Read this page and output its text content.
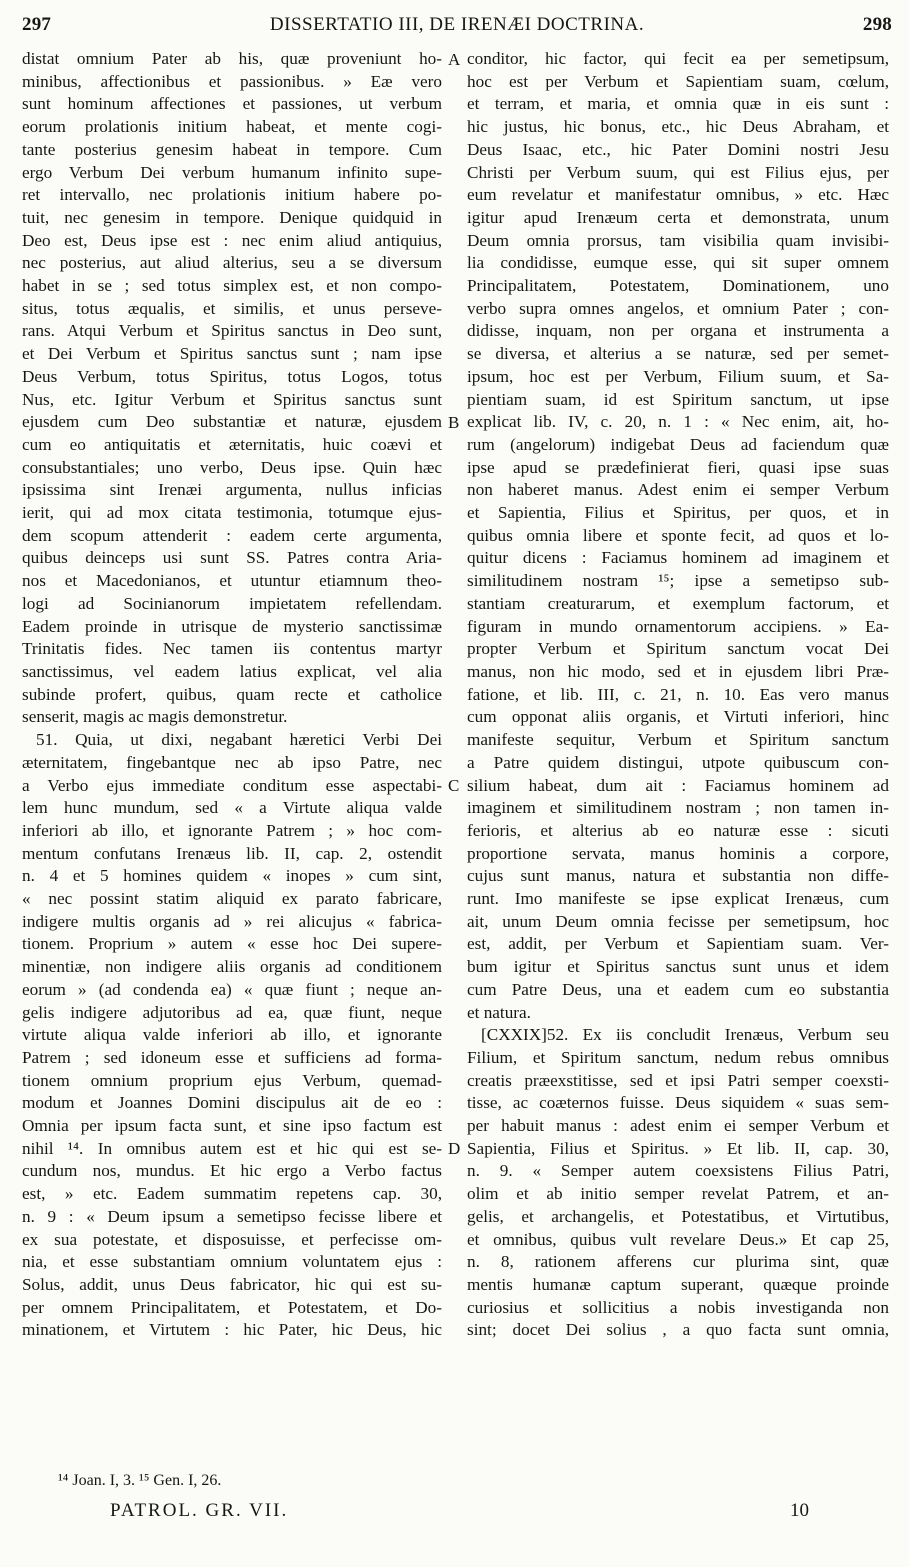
297	DISSERTATIO III, DE IRENÆI DOCTRINA.	298
distat omnium Pater ab his, quæ proveniunt ho-
minibus, affectionibus et passionibus. » Eæ vero
sunt hominum affectiones et passiones, ut verbum
eorum prolationis initium habeat, et mente cogi-
tante posterius genesim habeat in tempore. Cum
ergo Verbum Dei verbum humanum infinito supe-
ret intervallo, nec prolationis initium habere po-
tuit, nec genesim in tempore. Denique quidquid in
Deo est, Deus ipse est : nec enim aliud antiquius,
nec posterius, aut aliud alterius, seu a se diversum
habet in se ; sed totus simplex est, et non compo-
situs, totus æqualis, et similis, et unus perseve-
rans. Atqui Verbum et Spiritus sanctus in Deo sunt,
et Dei Verbum et Spiritus sanctus sunt ; nam ipse
Deus Verbum, totus Spiritus, totus Logos, totus
Nus, etc. Igitur Verbum et Spiritus sanctus sunt
ejusdem cum Deo substantiæ et naturæ, ejusdem
cum eo antiquitatis et æternitatis, huic coævi et
consubstantiales; uno verbo, Deus ipse. Quin hæc
ipsissima sint Irenæi argumenta, nullus inficias
ierit, qui ad mox citata testimonia, totumque ejus-
dem scopum attenderit : eadem certe argumenta,
quibus deinceps usi sunt SS. Patres contra Aria-
nos et Macedonianos, et utuntur etiamnum theo-
logi ad Socinianorum impietatem refellendam.
Eadem proinde in utrisque de mysterio sanctissimæ
Trinitatis fides. Nec tamen iis contentus martyr
sanctissimus, vel eadem latius explicat, vel alia
subinde profert, quibus, quam recte et catholice
senserit, magis ac magis demonstretur.
51. Quia, ut dixi, negabant hæretici Verbi Dei
æternitatem, fingebantque nec ab ipso Patre, nec
a Verbo ejus immediate conditum esse aspectabi-
lem hunc mundum, sed « a Virtute aliqua valde
inferiori ab illo, et ignorante Patrem ; » hoc com-
mentum confutans Irenæus lib. II, cap. 2, ostendit
n. 4 et 5 homines quidem « inopes » cum sint,
« nec possint statim aliquid ex parato fabricare,
indigere multis organis ad » rei alicujus « fabrica-
tionem. Proprium » autem « esse hoc Dei supere-
minentiæ, non indigere aliis organis ad conditionem
eorum » (ad condenda ea) « quæ fiunt ; neque an-
gelis indigere adjutoribus ad ea, quæ fiunt, neque
virtute aliqua valde inferiori ab illo, et ignorante
Patrem ; sed idoneum esse et sufficiens ad forma-
tionem omnium proprium ejus Verbum, quemad-
modum et Joannes Domini discipulus ait de eo :
Omnia per ipsum facta sunt, et sine ipso factum est
nihil ¹⁴. In omnibus autem est et hic qui est se-
cundum nos, mundus. Et hic ergo a Verbo factus
est, » etc. Eadem summatim repetens cap. 30,
n. 9 : « Deum ipsum a semetipso fecisse libere et
ex sua potestate, et disposuisse, et perfecisse om-
nia, et esse substantiam omnium voluntatem ejus :
Solus, addit, unus Deus fabricator, hic qui est su-
per omnem Principalitatem, et Potestatem, et Do-
minationem, et Virtutem : hic Pater, hic Deus, hic
conditor, hic factor, qui fecit ea per semetipsum,
hoc est per Verbum et Sapientiam suam, cœlum,
et terram, et maria, et omnia quæ in eis sunt :
hic justus, hic bonus, etc., hic Deus Abraham, et
Deus Isaac, etc., hic Pater Domini nostri Jesu
Christi per Verbum suum, qui est Filius ejus, per
eum revelatur et manifestatur omnibus, » etc. Hæc
igitur apud Irenæum certa et demonstrata, unum
Deum omnia prorsus, tam visibilia quam invisibi-
lia condidisse, eumque esse, qui sit super omnem
Principalitatem, Potestatem, Dominationem, uno
verbo supra omnes angelos, et omnium Pater ; con-
didisse, inquam, non per organa et instrumenta a
se diversa, et alterius a se naturæ, sed per semet-
ipsum, hoc est per Verbum, Filium suum, et Sa-
pientiam suam, id est Spiritum sanctum, ut ipse
explicat lib. IV, c. 20, n. 1 : « Nec enim, ait, ho-
rum (angelorum) indigebat Deus ad faciendum quæ
ipse apud se prædefinierat fieri, quasi ipse suas
non haberet manus. Adest enim ei semper Verbum
et Sapientia, Filius et Spiritus, per quos, et in
quibus omnia libere et sponte fecit, ad quos et lo-
quitur dicens : Faciamus hominem ad imaginem et
similitudinem nostram ¹⁵; ipse a semetipso sub-
stantiam creaturarum, et exemplum factorum, et
figuram in mundo ornamentorum accipiens. » Ea-
propter Verbum et Spiritum sanctum vocat Dei
manus, non hic modo, sed et in ejusdem libri Præ-
fatione, et lib. III, c. 21, n. 10. Eas vero manus
cum opponat aliis organis, et Virtuti inferiori, hinc
manifeste sequitur, Verbum et Spiritum sanctum
a Patre quidem distingui, utpote quibuscum con-
silium habeat, dum ait : Faciamus hominem ad
imaginem et similitudinem nostram ; non tamen in-
ferioris, et alterius ab eo naturæ esse : sicuti
proportione servata, manus hominis a corpore,
cujus sunt manus, natura et substantia non diffe-
runt. Imo manifeste se ipse explicat Irenæus, cum
ait, unum Deum omnia fecisse per semetipsum, hoc
est, addit, per Verbum et Sapientiam suam. Ver-
bum igitur et Spiritus sanctus sunt unus et idem
cum Patre Deus, una et eadem cum eo substantia
et natura.
[CXXIX]52. Ex iis concludit Irenæus, Verbum seu
Filium, et Spiritum sanctum, nedum rebus omnibus
creatis præexstitisse, sed et ipsi Patri semper coexsti-
tisse, ac coæternos fuisse. Deus siquidem « suas sem-
per habuit manus : adest enim ei semper Verbum et
Sapientia, Filius et Spiritus. » Et lib. II, cap. 30,
n. 9. « Semper autem coexsistens Filius Patri,
olim et ab initio semper revelat Patrem, et an-
gelis, et archangelis, et Potestatibus, et Virtutibus,
et omnibus, quibus vult revelare Deus.» Et cap 25,
n. 8, rationem afferens cur plurima sint, quæ
mentis humanæ captum superant, quæque proinde
curiosius et sollicitius a nobis investiganda non
sint; docet Dei solius , a quo facta sunt omnia,
A
B
C
D
¹⁴ Joan. I, 3. ¹⁵ Gen. I, 26.
PATROL. GR. VII.	10
